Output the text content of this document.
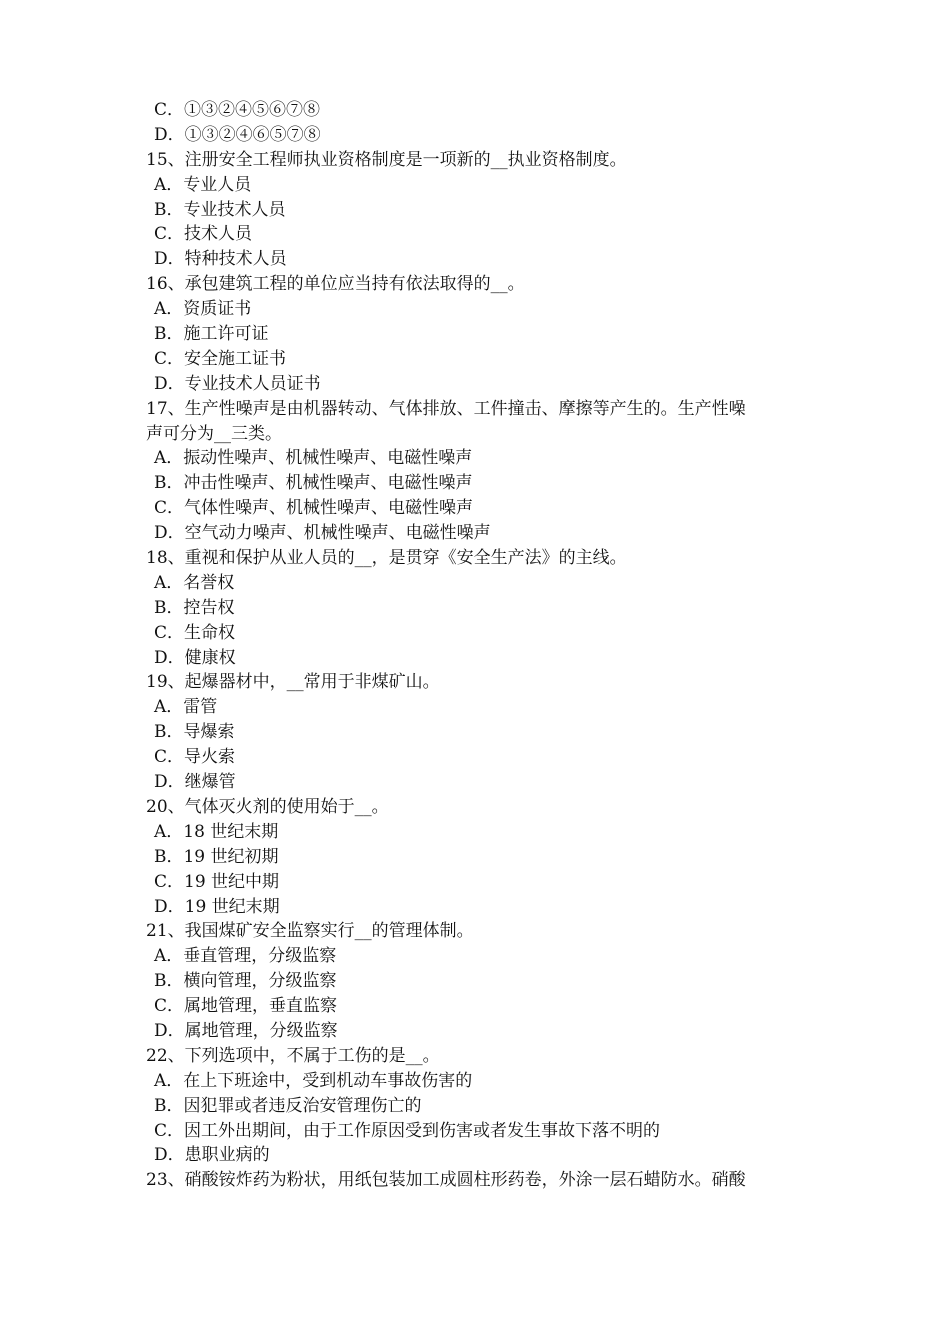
C．①③②④⑤⑥⑦⑧
D．①③②④⑥⑤⑦⑧
15、注册安全工程师执业资格制度是一项新的__执业资格制度。
A．专业人员
B．专业技术人员
C．技术人员
D．特种技术人员
16、承包建筑工程的单位应当持有依法取得的__。
A．资质证书
B．施工许可证
C．安全施工证书
D．专业技术人员证书
17、生产性噪声是由机器转动、气体排放、工件撞击、摩擦等产生的。生产性噪
声可分为__三类。
A．振动性噪声、机械性噪声、电磁性噪声
B．冲击性噪声、机械性噪声、电磁性噪声
C．气体性噪声、机械性噪声、电磁性噪声
D．空气动力噪声、机械性噪声、电磁性噪声
18、重视和保护从业人员的__，是贯穿《安全生产法》的主线。
A．名誉权
B．控告权
C．生命权
D．健康权
19、起爆器材中，__常用于非煤矿山。
A．雷管
B．导爆索
C．导火索
D．继爆管
20、气体灭火剂的使用始于__。
A．18 世纪末期
B．19 世纪初期
C．19 世纪中期
D．19 世纪末期
21、我国煤矿安全监察实行__的管理体制。
A．垂直管理，分级监察
B．横向管理，分级监察
C．属地管理，垂直监察
D．属地管理，分级监察
22、下列选项中，不属于工伤的是__。
A．在上下班途中，受到机动车事故伤害的
B．因犯罪或者违反治安管理伤亡的
C．因工外出期间，由于工作原因受到伤害或者发生事故下落不明的
D．患职业病的
23、硝酸铵炸药为粉状，用纸包装加工成圆柱形药卷，外涂一层石蜡防水。硝酸
